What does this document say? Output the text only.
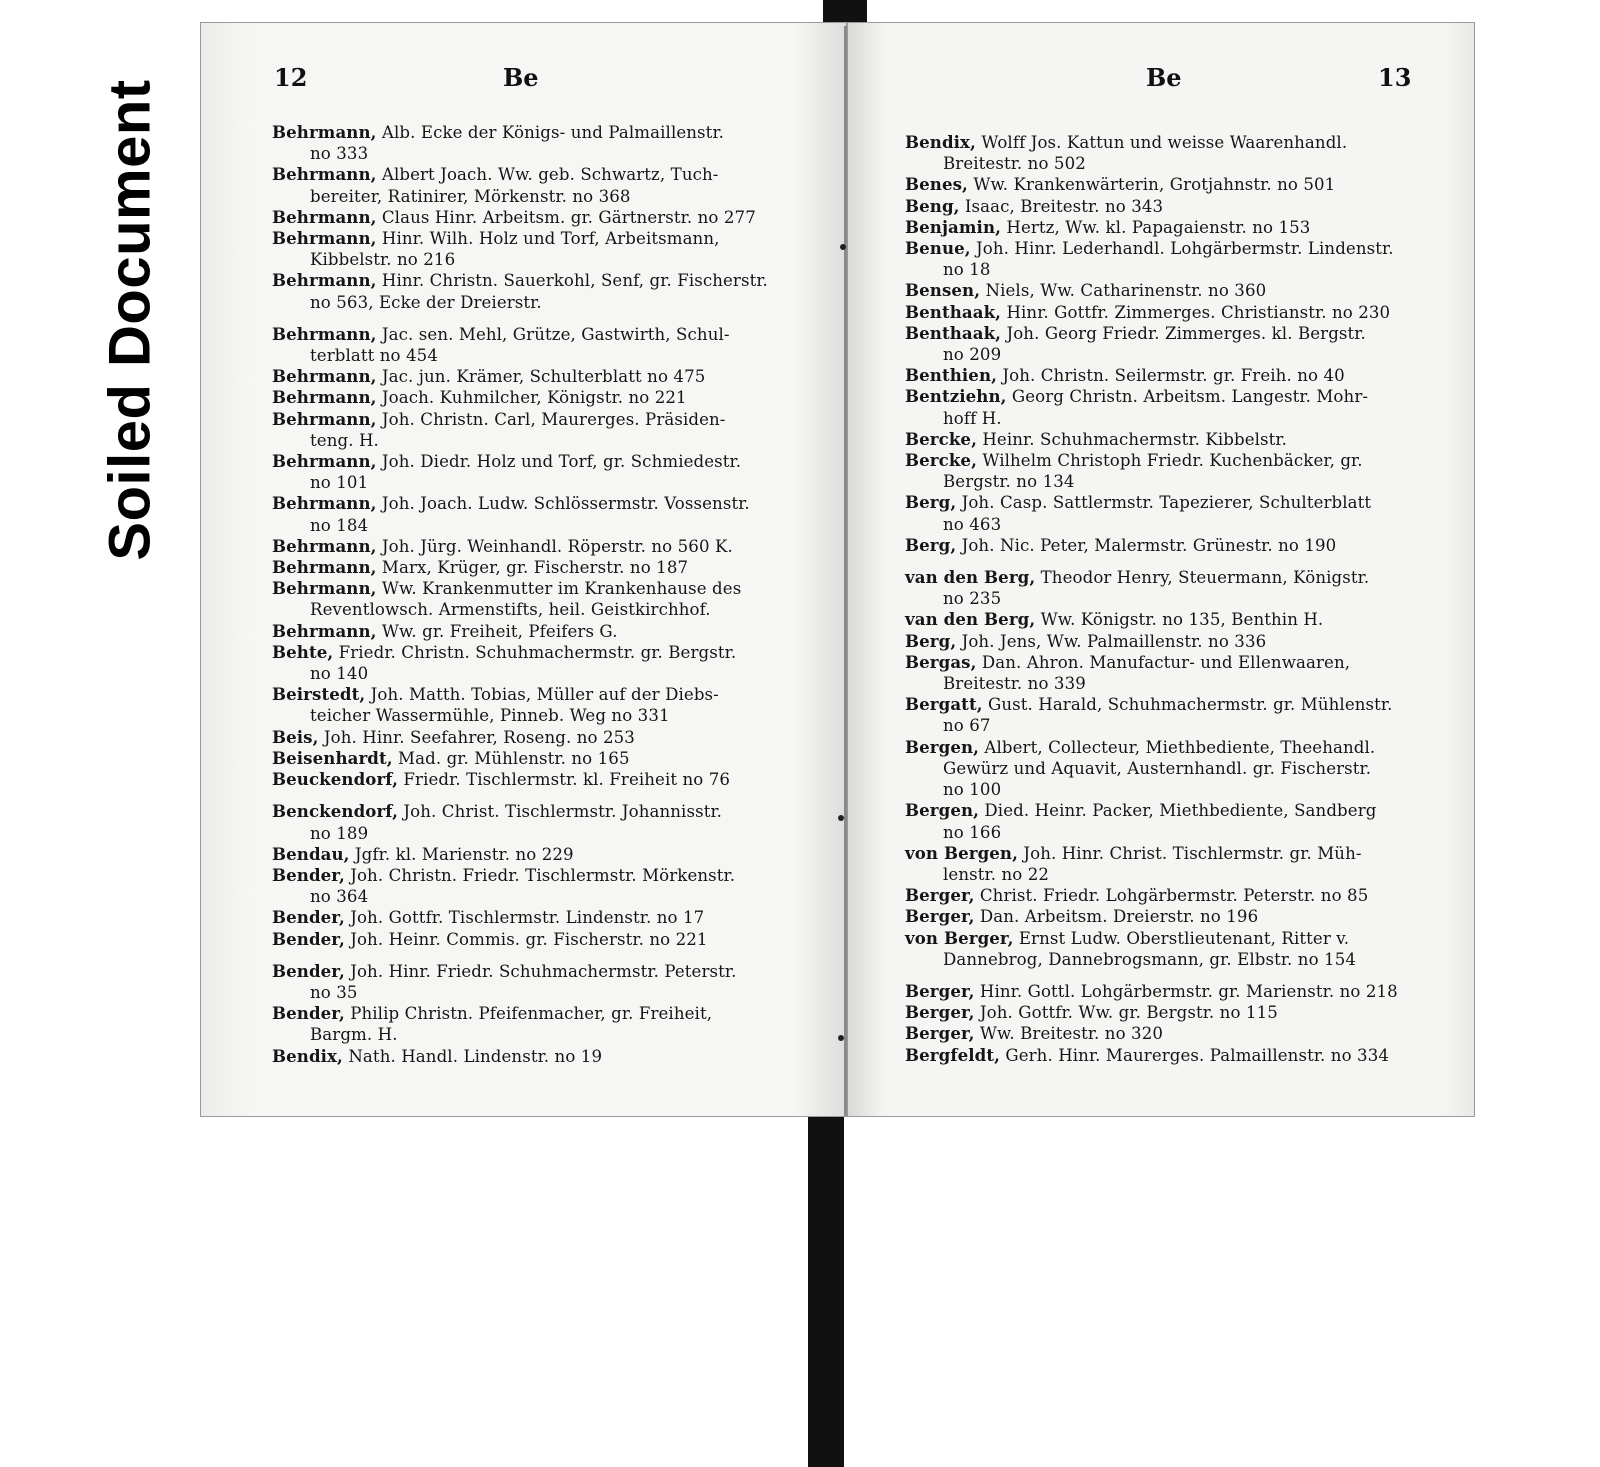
Soiled Document
12	Be	Be	13
Behrmann, Alb. Ecke der Königs- und Palmaillenstr.
no 333
Behrmann, Albert Joach. Ww. geb. Schwartz, Tuch-
bereiter, Ratinirer, Mörkenstr. no 368
Behrmann, Claus Hinr. Arbeitsm. gr. Gärtnerstr. no 277
Behrmann, Hinr. Wilh. Holz und Torf, Arbeitsmann,
Kibbelstr. no 216
Behrmann, Hinr. Christn. Sauerkohl, Senf, gr. Fischerstr.
no 563, Ecke der Dreierstr.
Behrmann, Jac. sen. Mehl, Grütze, Gastwirth, Schul-
terblatt no 454
Behrmann, Jac. jun. Krämer, Schulterblatt no 475
Behrmann, Joach. Kuhmilcher, Königstr. no 221
Behrmann, Joh. Christn. Carl, Maurerges. Präsiden-
teng. H.
Behrmann, Joh. Diedr. Holz und Torf, gr. Schmiedestr.
no 101
Behrmann, Joh. Joach. Ludw. Schlössermstr. Vossenstr.
no 184
Behrmann, Joh. Jürg. Weinhandl. Röperstr. no 560 K.
Behrmann, Marx, Krüger, gr. Fischerstr. no 187
Behrmann, Ww. Krankenmutter im Krankenhause des
Reventlowsch. Armenstifts, heil. Geistkirchhof.
Behrmann, Ww. gr. Freiheit, Pfeifers G.
Behte, Friedr. Christn. Schuhmachermstr. gr. Bergstr.
no 140
Beirstedt, Joh. Matth. Tobias, Müller auf der Diebs-
teicher Wassermühle, Pinneb. Weg no 331
Beis, Joh. Hinr. Seefahrer, Roseng. no 253
Beisenhardt, Mad. gr. Mühlenstr. no 165
Beuckendorf, Friedr. Tischlermstr. kl. Freiheit no 76
Benckendorf, Joh. Christ. Tischlermstr. Johannisstr.
no 189
Bendau, Jgfr. kl. Marienstr. no 229
Bender, Joh. Christn. Friedr. Tischlermstr. Mörkenstr.
no 364
Bender, Joh. Gottfr. Tischlermstr. Lindenstr. no 17
Bender, Joh. Heinr. Commis. gr. Fischerstr. no 221
Bender, Joh. Hinr. Friedr. Schuhmachermstr. Peterstr.
no 35
Bender, Philip Christn. Pfeifenmacher, gr. Freiheit,
Bargm. H.
Bendix, Nath. Handl. Lindenstr. no 19
Bendix, Wolff Jos. Kattun und weisse Waarenhandl.
Breitestr. no 502
Benes, Ww. Krankenwärterin, Grotjahnstr. no 501
Beng, Isaac, Breitestr. no 343
Benjamin, Hertz, Ww. kl. Papagaienstr. no 153
Benue, Joh. Hinr. Lederhandl. Lohgärbermstr. Lindenstr.
no 18
Bensen, Niels, Ww. Catharinenstr. no 360
Benthaak, Hinr. Gottfr. Zimmerges. Christianstr. no 230
Benthaak, Joh. Georg Friedr. Zimmerges. kl. Bergstr.
no 209
Benthien, Joh. Christn. Seilermstr. gr. Freih. no 40
Bentziehn, Georg Christn. Arbeitsm. Langestr. Mohr-
hoff H.
Bercke, Heinr. Schuhmachermstr. Kibbelstr.
Bercke, Wilhelm Christoph Friedr. Kuchenbäcker, gr.
Bergstr. no 134
Berg, Joh. Casp. Sattlermstr. Tapezierer, Schulterblatt
no 463
Berg, Joh. Nic. Peter, Malermstr. Grünestr. no 190
van den Berg, Theodor Henry, Steuermann, Königstr.
no 235
van den Berg, Ww. Königstr. no 135, Benthin H.
Berg, Joh. Jens, Ww. Palmaillenstr. no 336
Bergas, Dan. Ahron. Manufactur- und Ellenwaaren,
Breitestr. no 339
Bergatt, Gust. Harald, Schuhmachermstr. gr. Mühlenstr.
no 67
Bergen, Albert, Collecteur, Miethbediente, Theehandl.
Gewürz und Aquavit, Austernhandl. gr. Fischerstr.
no 100
Bergen, Died. Heinr. Packer, Miethbediente, Sandberg
no 166
von Bergen, Joh. Hinr. Christ. Tischlermstr. gr. Müh-
lenstr. no 22
Berger, Christ. Friedr. Lohgärbermstr. Peterstr. no 85
Berger, Dan. Arbeitsm. Dreierstr. no 196
von Berger, Ernst Ludw. Oberstlieutenant, Ritter v.
Dannebrog, Dannebrogsmann, gr. Elbstr. no 154
Berger, Hinr. Gottl. Lohgärbermstr. gr. Marienstr. no 218
Berger, Joh. Gottfr. Ww. gr. Bergstr. no 115
Berger, Ww. Breitestr. no 320
Bergfeldt, Gerh. Hinr. Maurerges. Palmaillenstr. no 334
